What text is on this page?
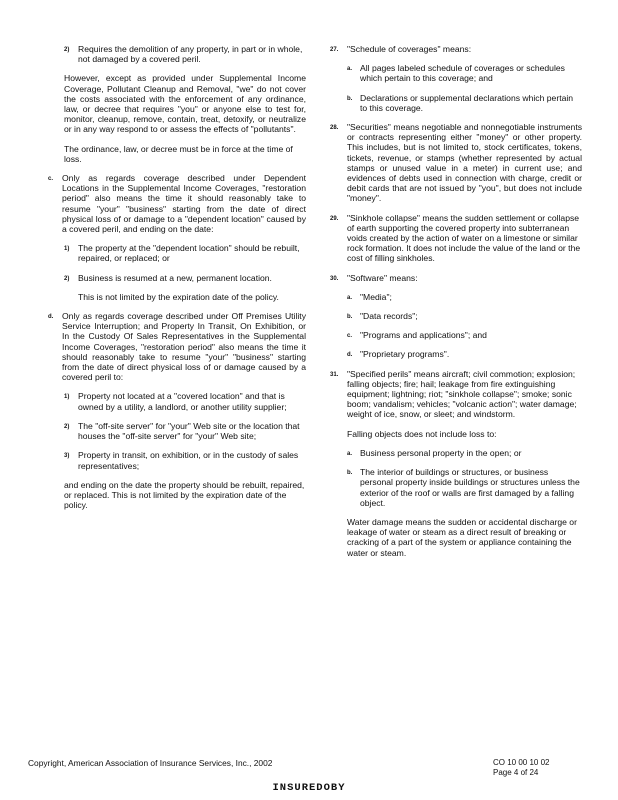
2) Requires the demolition of any property, in part or in whole, not damaged by a covered peril.
However, except as provided under Supplemental Income Coverage, Pollutant Cleanup and Removal, "we" do not cover the costs associated with the enforcement of any ordinance, law, or decree that requires "you" or anyone else to test for, monitor, cleanup, remove, contain, treat, detoxify, or neutralize or in any way respond to or assess the effects of "pollutants".
The ordinance, law, or decree must be in force at the time of loss.
c. Only as regards coverage described under Dependent Locations in the Supplemental Income Coverages, "restoration period" also means the time it should reasonably take to resume "your" "business" starting from the date of direct physical loss of or damage to a "dependent location" caused by a covered peril, and ending on the date:
1) The property at the "dependent location" should be rebuilt, repaired, or replaced; or
2) Business is resumed at a new, permanent location.
This is not limited by the expiration date of the policy.
d. Only as regards coverage described under Off Premises Utility Service Interruption; and Property In Transit, On Exhibition, or In the Custody Of Sales Representatives in the Supplemental Income Coverages, "restoration period" also means the time it should reasonably take to resume "your" "business" starting from the date of direct physical loss of or damage caused by a covered peril to:
1) Property not located at a "covered location" and that is owned by a utility, a landlord, or another utility supplier;
2) The "off-site server" for "your" Web site or the location that houses the "off-site server" for "your" Web site;
3) Property in transit, on exhibition, or in the custody of sales representatives;
and ending on the date the property should be rebuilt, repaired, or replaced. This is not limited by the expiration date of the policy.
27. "Schedule of coverages" means:
a. All pages labeled schedule of coverages or schedules which pertain to this coverage; and
b. Declarations or supplemental declarations which pertain to this coverage.
28. "Securities" means negotiable and nonnegotiable instruments or contracts representing either "money" or other property. This includes, but is not limited to, stock certificates, tokens, tickets, revenue, or stamps (whether represented by actual stamps or unused value in a meter) in current use; and evidences of debts used in connection with charge, credit or debit cards that are not issued by "you", but does not include "money".
29. "Sinkhole collapse" means the sudden settlement or collapse of earth supporting the covered property into subterranean voids created by the action of water on a limestone or similar rock formation. It does not include the value of the land or the cost of filling sinkholes.
30. "Software" means:
a. "Media";
b. "Data records";
c. "Programs and applications"; and
d. "Proprietary programs".
31. "Specified perils" means aircraft; civil commotion; explosion; falling objects; fire; hail; leakage from fire extinguishing equipment; lightning; riot; "sinkhole collapse"; smoke; sonic boom; vandalism; vehicles; "volcanic action"; water damage; weight of ice, snow, or sleet; and windstorm.
Falling objects does not include loss to:
a. Business personal property in the open; or
b. The interior of buildings or structures, or business personal property inside buildings or structures unless the exterior of the roof or walls are first damaged by a falling object.
Water damage means the sudden or accidental discharge or leakage of water or steam as a direct result of breaking or cracking of a part of the system or appliance containing the water or steam.
Copyright, American Association of Insurance Services, Inc., 2002	CO 10 00 10 02
Page 4 of 24
INSUREDOBY
